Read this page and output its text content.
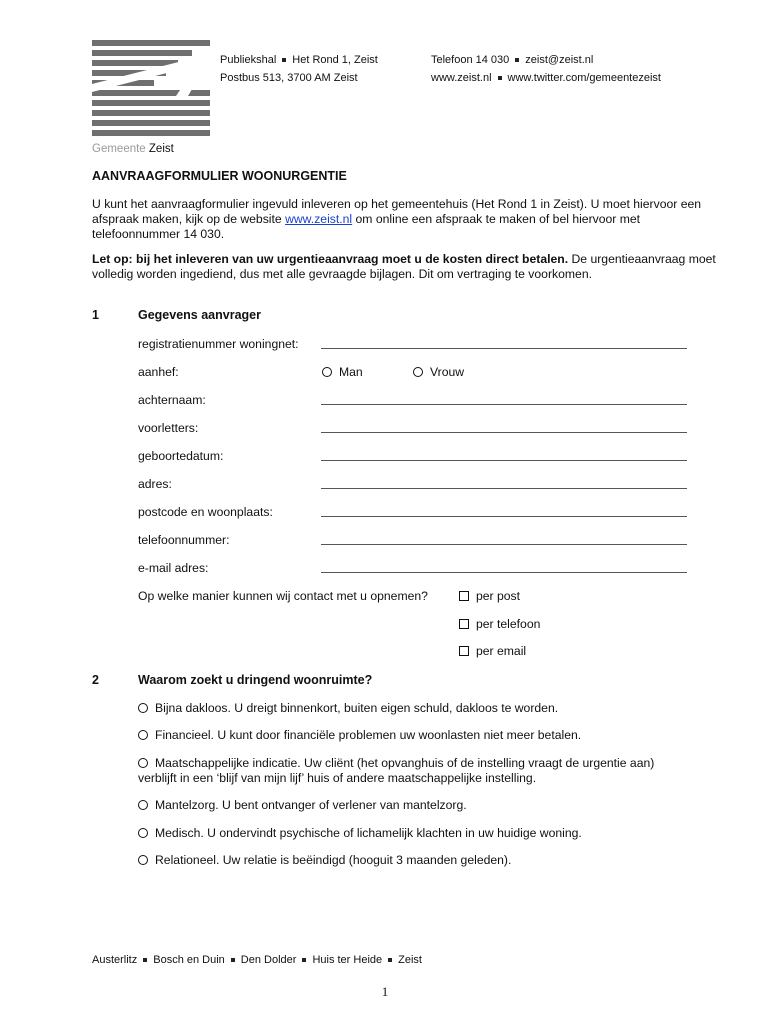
Publiekshal Het Rond 1, Zeist
Postbus 513, 3700 AM Zeist
Telefoon 14 030 zeist@zeist.nl
www.zeist.nl www.twitter.com/gemeentezeist
Gemeente Zeist
AANVRAAGFORMULIER WOONURGENTIE
U kunt het aanvraagformulier ingevuld inleveren op het gemeentehuis (Het Rond 1 in Zeist). U moet hiervoor een afspraak maken, kijk op de website www.zeist.nl om online een afspraak te maken of bel hiervoor met telefoonnummer 14 030.
Let op: bij het inleveren van uw urgentieaanvraag moet u de kosten direct betalen. De urgentieaanvraag moet volledig worden ingediend, dus met alle gevraagde bijlagen. Dit om vertraging te voorkomen.
1	Gegevens aanvrager
registratienummer woningnet:
aanhef:	Man	Vrouw
achternaam:
voorletters:
geboortedatum:
adres:
postcode en woonplaats:
telefoonnummer:
e-mail adres:
Op welke manier kunnen wij contact met u opnemen?	per post
per telefoon
per email
2	Waarom zoekt u dringend woonruimte?
Bijna dakloos. U dreigt binnenkort, buiten eigen schuld, dakloos te worden.
Financieel. U kunt door financiële problemen uw woonlasten niet meer betalen.
Maatschappelijke indicatie. Uw cliënt (het opvanghuis of de instelling vraagt de urgentie aan) verblijft in een ‘blijf van mijn lijf’ huis of andere maatschappelijke instelling.
Mantelzorg. U bent ontvanger of verlener van mantelzorg.
Medisch. U ondervindt psychische of lichamelijk klachten in uw huidige woning.
Relationeel. Uw relatie is beëindigd (hooguit 3 maanden geleden).
Austerlitz Bosch en Duin Den Dolder Huis ter Heide Zeist
1
